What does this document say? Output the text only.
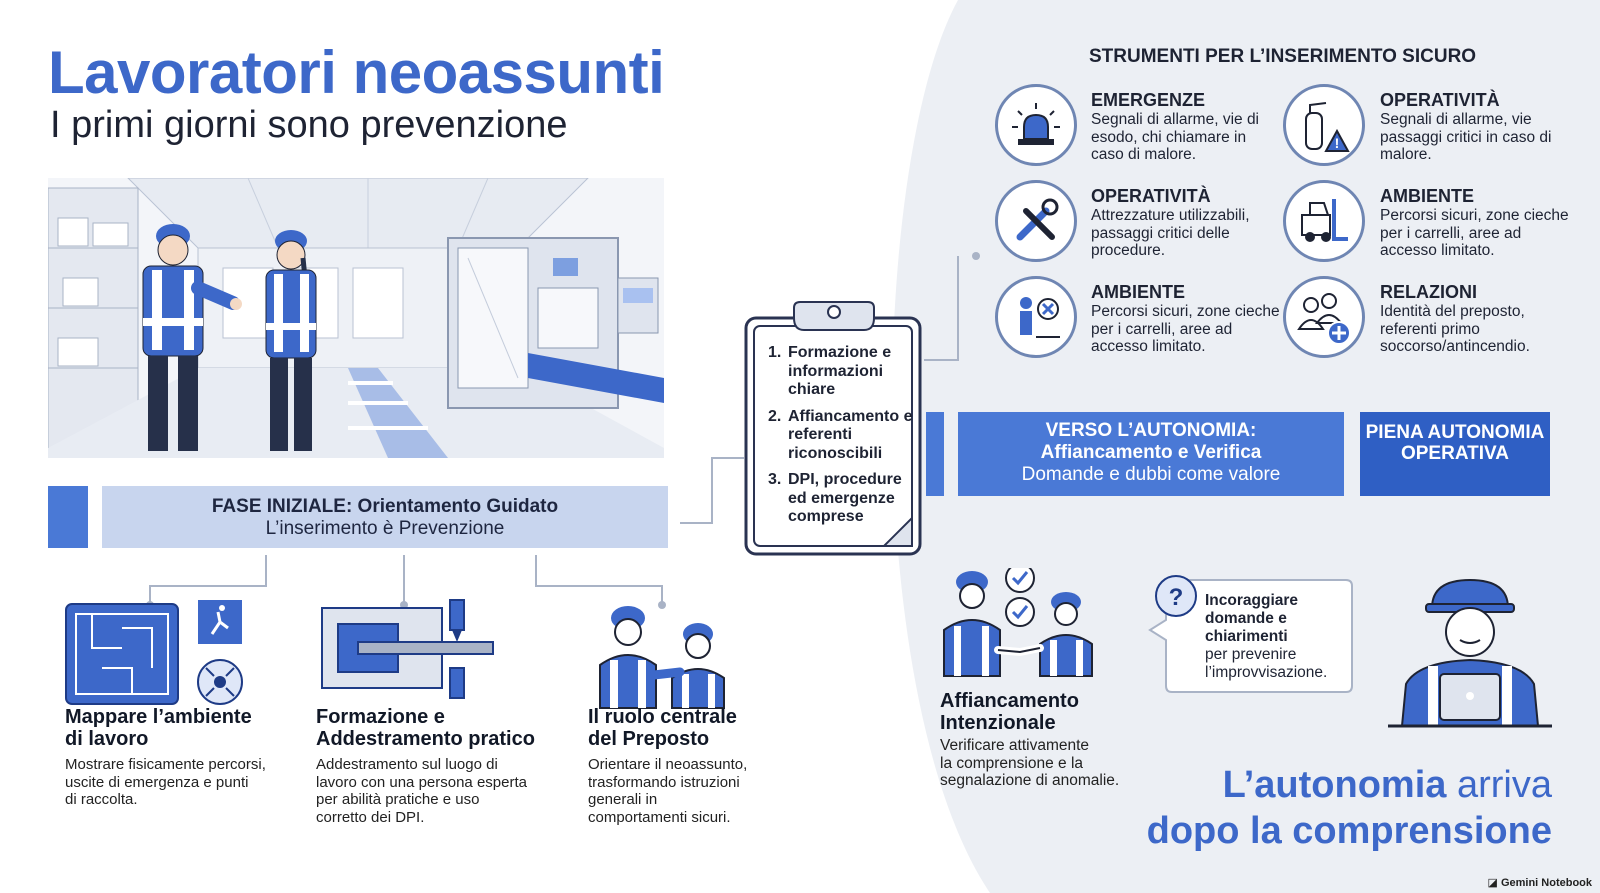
Lavoratori neoassunti
I primi giorni sono prevenzione
FASE INIZIALE: Orientamento Guidato
L’inserimento è Prevenzione
Mappare l’ambiente
di lavoro
Mostrare fisicamente percorsi,
uscite di emergenza e punti
di raccolta.
Formazione e
Addestramento pratico
Addestramento sul luogo di
lavoro con una persona esperta
per abilità pratiche e uso
corretto dei DPI.
Il ruolo centrale
del Preposto
Orientare il neoassunto,
trasformando istruzioni
generali in
comportamenti sicuri.
1. Formazione e informazioni chiare
2. Affiancamento e referenti riconoscibili
3. DPI, procedure ed emergenze comprese
STRUMENTI PER L’INSERIMENTO SICURO
EMERGENZE
Segnali di allarme, vie di esodo, chi chiamare in caso di malore.
!
OPERATIVITÀ
Segnali di allarme, vie passaggi critici in caso di malore.
OPERATIVITÀ
Attrezzature utilizzabili, passaggi critici delle procedure.
AMBIENTE
Percorsi sicuri, zone cieche per i carrelli, aree ad accesso limitato.
AMBIENTE
Percorsi sicuri, zone cieche per i carrelli, aree ad accesso limitato.
RELAZIONI
Identità del preposto, referenti primo soccorso/antincendio.
VERSO L’AUTONOMIA:
Affiancamento e Verifica
Domande e dubbi come valore
PIENA AUTONOMIA OPERATIVA
Affiancamento
Intenzionale
Verificare attivamente
la comprensione e la
segnalazione di anomalie.
? Incoraggiare
domande e
chiarimenti
per prevenire
l’improvvisazione.
L’autonomia arriva
dopo la comprensione
◪ Gemini Notebook
